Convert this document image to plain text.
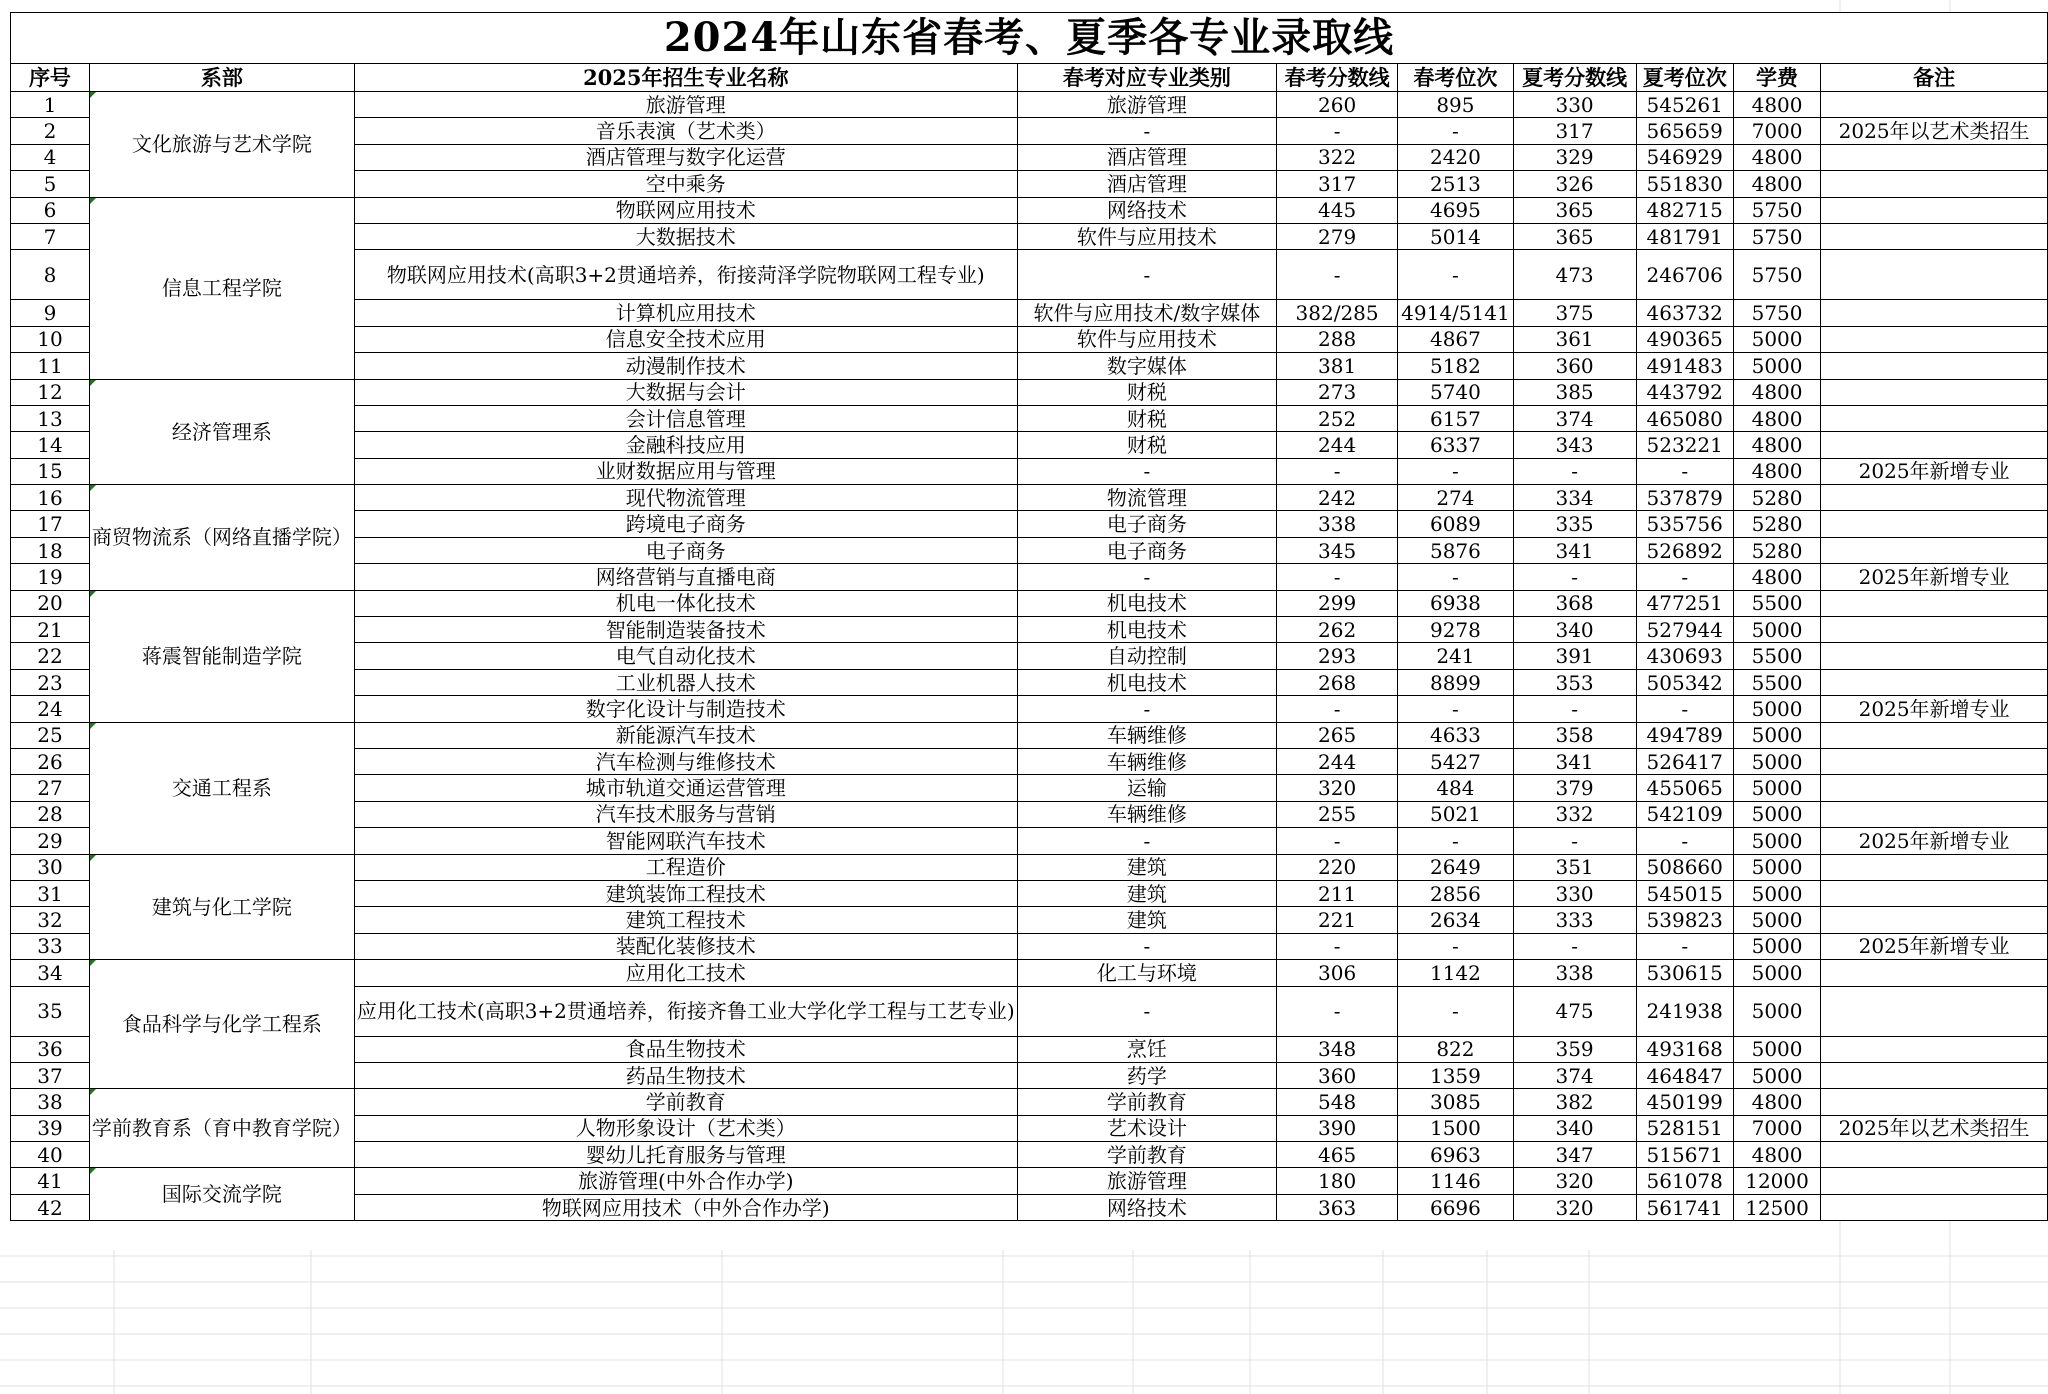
2024年山东省春考、夏季各专业录取线									
序号	系部	2025年招生专业名称	春考对应专业类别	春考分数线	春考位次	夏考分数线	夏考位次	学费	备注
1	文化旅游与艺术学院	旅游管理	旅游管理	260	895	330	545261	4800	
2		音乐表演（艺术类）	-	-	-	317	565659	7000	2025年以艺术类招生
4		酒店管理与数字化运营	酒店管理	322	2420	329	546929	4800	
5		空中乘务	酒店管理	317	2513	326	551830	4800	
6	信息工程学院	物联网应用技术	网络技术	445	4695	365	482715	5750	
7		大数据技术	软件与应用技术	279	5014	365	481791	5750	
8		物联网应用技术(高职3+2贯通培养，衔接菏泽学院物联网工程专业)	-	-	-	473	246706	5750	
9		计算机应用技术	软件与应用技术/数字媒体	382/285	4914/5141	375	463732	5750	
10		信息安全技术应用	软件与应用技术	288	4867	361	490365	5000	
11		动漫制作技术	数字媒体	381	5182	360	491483	5000	
12	经济管理系	大数据与会计	财税	273	5740	385	443792	4800	
13		会计信息管理	财税	252	6157	374	465080	4800	
14		金融科技应用	财税	244	6337	343	523221	4800	
15		业财数据应用与管理	-	-	-	-	-	4800	2025年新增专业
16	商贸物流系（网络直播学院）	现代物流管理	物流管理	242	274	334	537879	5280	
17		跨境电子商务	电子商务	338	6089	335	535756	5280	
18		电子商务	电子商务	345	5876	341	526892	5280	
19		网络营销与直播电商	-	-	-	-	-	4800	2025年新增专业
20	蒋震智能制造学院	机电一体化技术	机电技术	299	6938	368	477251	5500	
21		智能制造装备技术	机电技术	262	9278	340	527944	5000	
22		电气自动化技术	自动控制	293	241	391	430693	5500	
23		工业机器人技术	机电技术	268	8899	353	505342	5500	
24		数字化设计与制造技术	-	-	-	-	-	5000	2025年新增专业
25	交通工程系	新能源汽车技术	车辆维修	265	4633	358	494789	5000	
26		汽车检测与维修技术	车辆维修	244	5427	341	526417	5000	
27		城市轨道交通运营管理	运输	320	484	379	455065	5000	
28		汽车技术服务与营销	车辆维修	255	5021	332	542109	5000	
29		智能网联汽车技术	-	-	-	-	-	5000	2025年新增专业
30	建筑与化工学院	工程造价	建筑	220	2649	351	508660	5000	
31		建筑装饰工程技术	建筑	211	2856	330	545015	5000	
32		建筑工程技术	建筑	221	2634	333	539823	5000	
33		装配化装修技术	-	-	-	-	-	5000	2025年新增专业
34	食品科学与化学工程系	应用化工技术	化工与环境	306	1142	338	530615	5000	
35		应用化工技术(高职3+2贯通培养，衔接齐鲁工业大学化学工程与工艺专业)	-	-	-	475	241938	5000	
36		食品生物技术	烹饪	348	822	359	493168	5000	
37		药品生物技术	药学	360	1359	374	464847	5000	
38	学前教育系（育中教育学院）	学前教育	学前教育	548	3085	382	450199	4800	
39		人物形象设计（艺术类）	艺术设计	390	1500	340	528151	7000	2025年以艺术类招生
40		婴幼儿托育服务与管理	学前教育	465	6963	347	515671	4800	
41	国际交流学院	旅游管理(中外合作办学)	旅游管理	180	1146	320	561078	12000	
42		物联网应用技术（中外合作办学)	网络技术	363	6696	320	561741	12500	
